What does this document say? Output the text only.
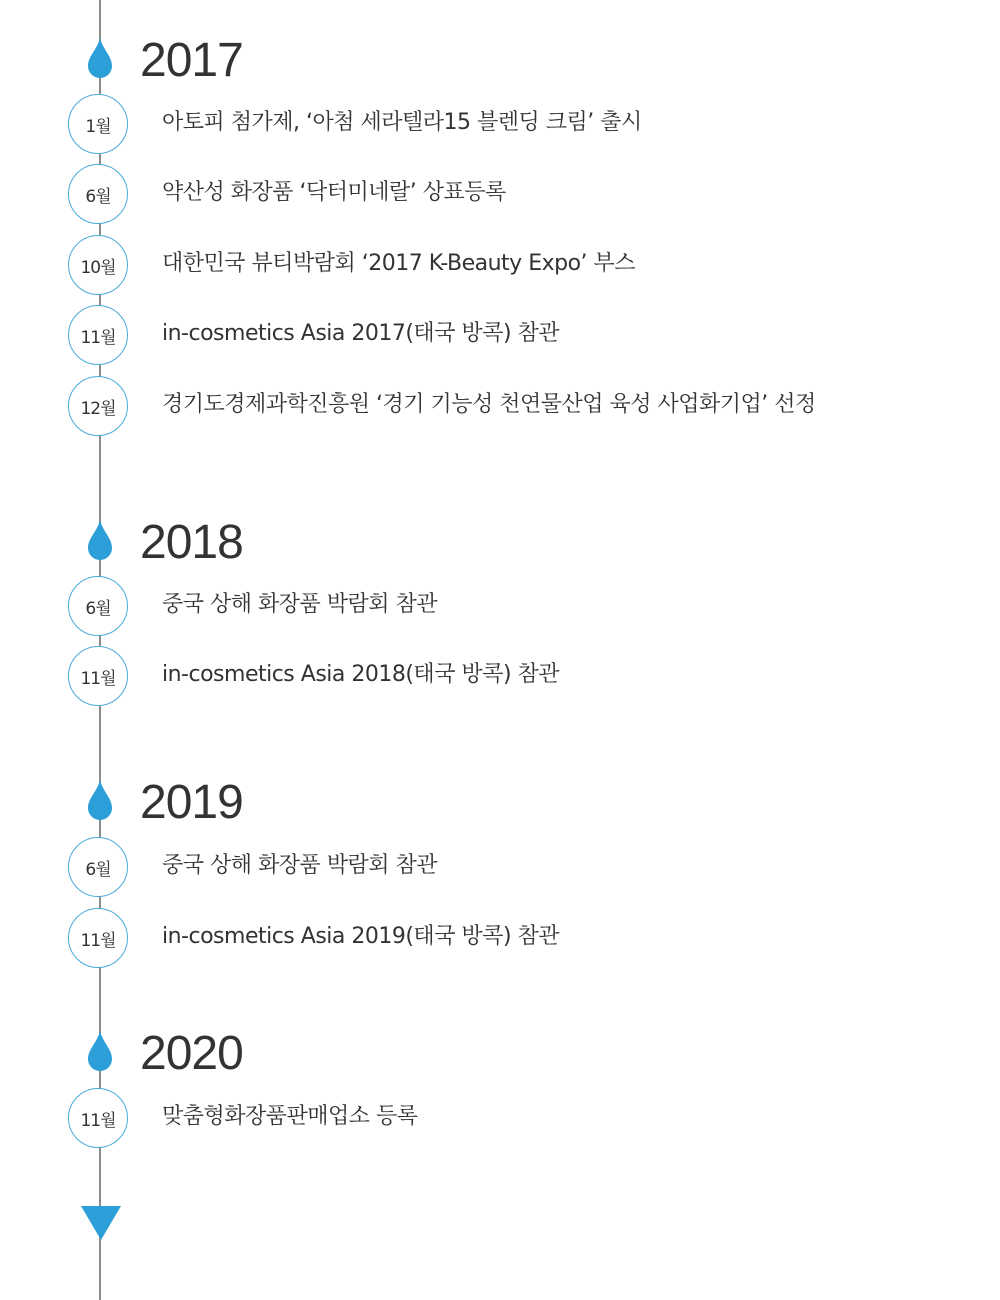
2017
1월	아토피 첨가제, ‘아첨 세라텔라15 블렌딩 크림’ 출시
6월	약산성 화장품 ‘닥터미네랄’ 상표등록
10월	대한민국 뷰티박람회 ‘2017 K-Beauty Expo’ 부스
11월	in-cosmetics Asia 2017(태국 방콕) 참관
12월	경기도경제과학진흥원 ‘경기 기능성 천연물산업 육성 사업화기업’ 선정
2018
6월	중국 상해 화장품 박람회 참관
11월	in-cosmetics Asia 2018(태국 방콕) 참관
2019
6월	중국 상해 화장품 박람회 참관
11월	in-cosmetics Asia 2019(태국 방콕) 참관
2020
11월	맞춤형화장품판매업소 등록
